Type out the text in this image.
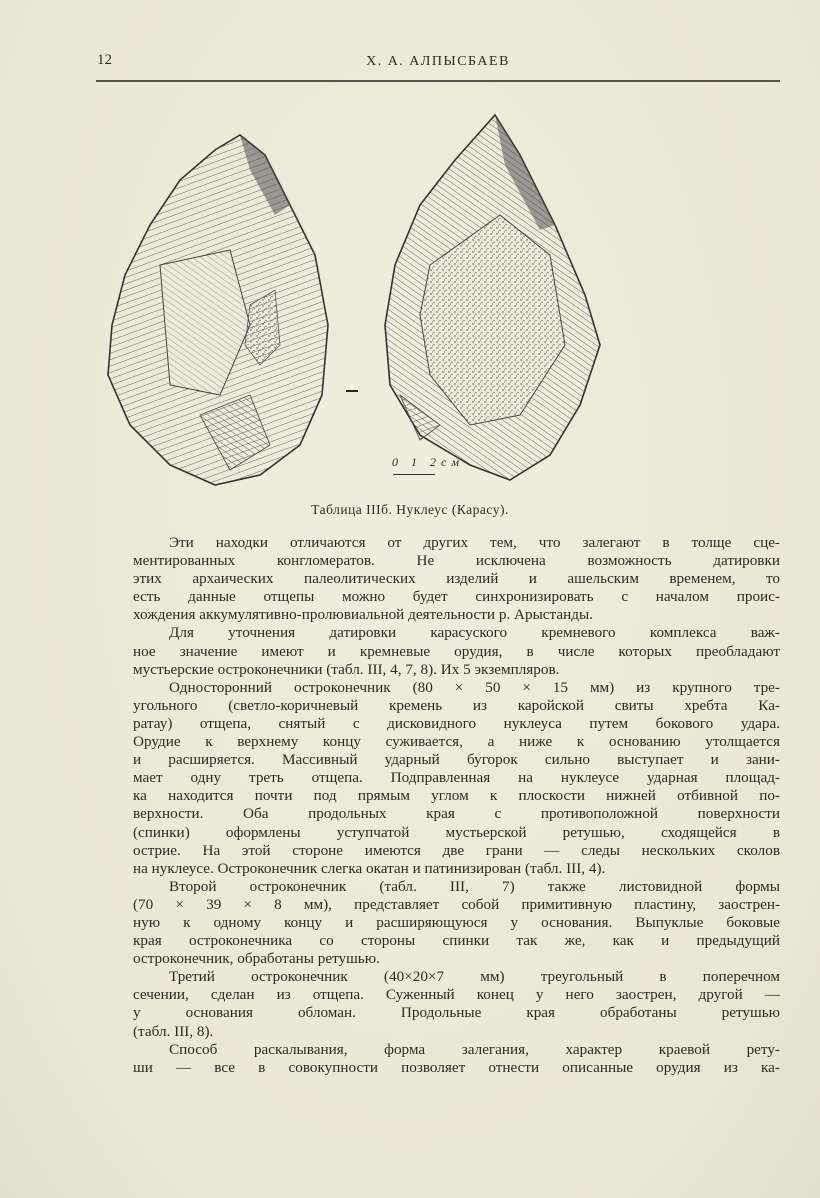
12	Х. А. АЛПЫСБАЕВ
0 1 2см
Таблица IIIб. Нуклеус (Карасу).

Эти находки отличаются от других тем, что залегают в толще сце-
ментированных конгломератов. Не исключена возможность датировки
этих архаических палеолитических изделий и ашельским временем, то
есть данные отщепы можно будет синхронизировать с началом проис-
хождения аккумулятивно-пролювиальной деятельности р. Арыстанды.

Для уточнения датировки карасуского кремневого комплекса важ-
ное значение имеют и кремневые орудия, в числе которых преобладают
мустьерские остроконечники (табл. III, 4, 7, 8). Их 5 экземпляров.

Односторонний остроконечник (80 × 50 × 15 мм) из крупного тре-
угольного (светло-коричневый кремень из каройской свиты хребта Ка-
ратау) отщепа, снятый с дисковидного нуклеуса путем бокового удара.
Орудие к верхнему концу суживается, а ниже к основанию утолщается
и расширяется. Массивный ударный бугорок сильно выступает и зани-
мает одну треть отщепа. Подправленная на нуклеусе ударная площад-
ка находится почти под прямым углом к плоскости нижней отбивной по-
верхности. Оба продольных края с противоположной поверхности
(спинки) оформлены уступчатой мустьерской ретушью, сходящейся в
острие. На этой стороне имеются две грани — следы нескольких сколов
на нуклеусе. Остроконечник слегка окатан и патинизирован (табл. III, 4).

Второй остроконечник (табл. III, 7) также листовидной формы
(70 × 39 × 8 мм), представляет собой примитивную пластину, заострен-
ную к одному концу и расширяющуюся у основания. Выпуклые боковые
края остроконечника со стороны спинки так же, как и предыдущий
остроконечник, обработаны ретушью.

Третий остроконечник (40×20×7 мм) треугольный в поперечном
сечении, сделан из отщепа. Суженный конец у него заострен, другой —
у основания обломан. Продольные края обработаны ретушью
(табл. III, 8).

Способ раскалывания, форма залегания, характер краевой рету-
ши — все в совокупности позволяет отнести описанные орудия из ка-
